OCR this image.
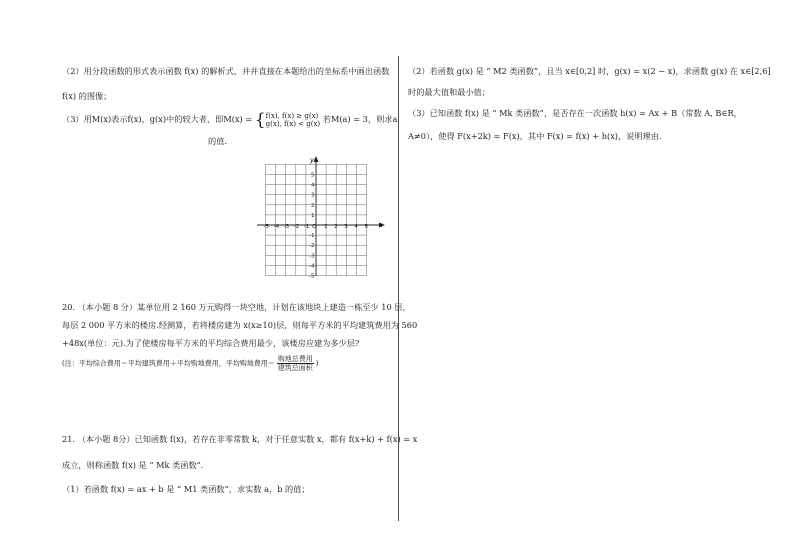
（2）用分段函数的形式表示函数 f(x) 的解析式，并并直接在本题给出的坐标系中画出函数
f(x) 的图像；
（3）用M(x)表示f(x)，g(x)中的较大者，即M(x) = { f(x), f(x) ≥ g(x)
g(x), f(x) < g(x) 若M(a) = 3，则求a
的值.
-5 -4 -3 -2 -1 O 1 2 3 4 5
5
4
3
2
1
-1
-2
-3
-4
-5
x
y
20. （本小题 8 分）某单位用 2 160 万元购得一块空地，计划在该地块上建造一栋至少 10 层，
每层 2 000 平方米的楼房.经测算，若将楼房建为 x(x≥10)层，则每平方米的平均建筑费用为 560
+48x(单位：元).为了使楼房每平方米的平均综合费用最少，该楼房应建为多少层?
(注：平均综合费用＝平均建筑费用＋平均购地费用，平均购地费用＝ $\frac{\text{购地总费用}}{\text{建筑总面积}}$ )
21. （本小题 8分）已知函数 f(x)，若存在非零常数 k，对于任意实数 x，都有 f(x+k) + f(x) = x
成立，则称函数 f(x) 是 “ Mk 类函数”.
（1）若函数 f(x) = ax + b 是 “ M1 类函数”，求实数 a，b 的值；
（2）若函数 g(x) 是 “ M2 类函数”，且当 x∈[0,2] 时，g(x) = x(2 − x)，求函数 g(x) 在 x∈[2,6]
时的最大值和最小值；
（3）已知函数 f(x) 是 “ Mk 类函数”，是否存在一次函数 h(x) = Ax + B（常数 A, B∈R，
A≠0），使得 F(x+2k) = F(x)，其中 F(x) = f(x) + h(x)，说明理由.
